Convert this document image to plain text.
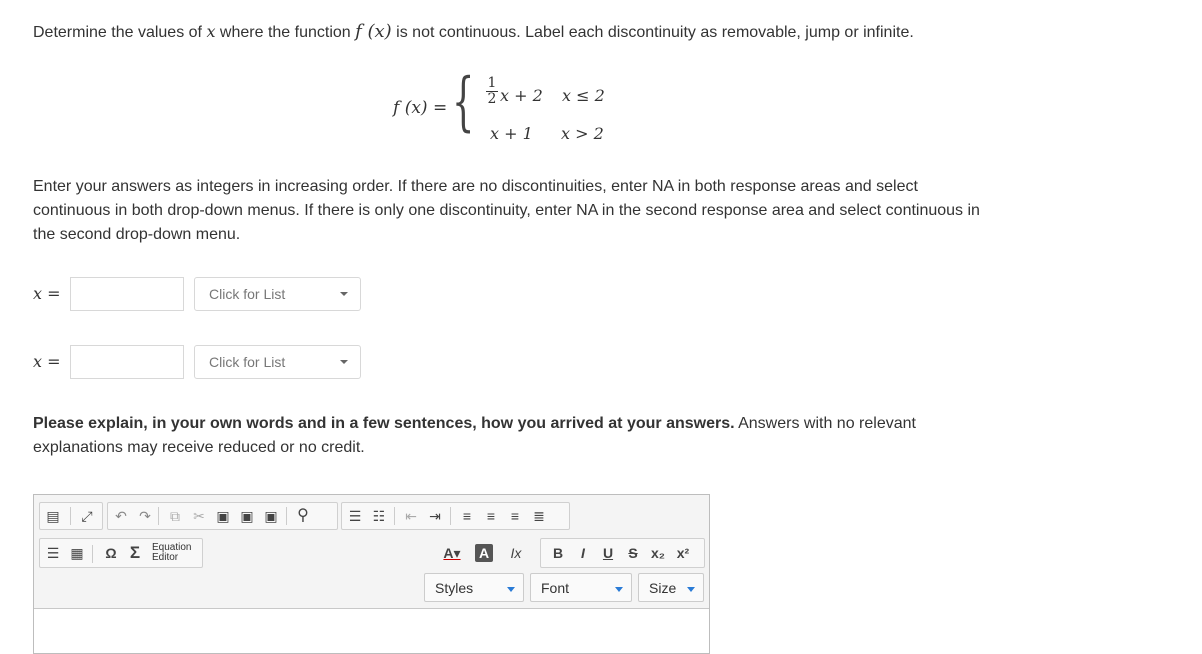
Determine the values of x where the function f (x) is not continuous. Label each discontinuity as removable, jump or infinite.
f (x) = { 1
2 x + 2 x ≤ 2
x + 1 x > 2
Enter your answers as integers in increasing order. If there are no discontinuities, enter NA in both response areas and select continuous in both drop-down menus. If there is only one discontinuity, enter NA in the second response area and select continuous in the second drop-down menu.
x =	Click for List
x =	Click for List
Please explain, in your own words and in a few sentences, how you arrived at your answers. Answers with no relevant explanations may receive reduced or no credit.
▤ ⤢ ↶ ↷ ⧉ ✂ ▣ ▣ ▣ ⚲	☰ ☷ ⇤ ⇥	≡	≡	≡	≣
☰ ▦ Ω Σ	Equation
Editor	A▾ A Ix B	I	U	S x₂ x²
Styles	Font	Size
